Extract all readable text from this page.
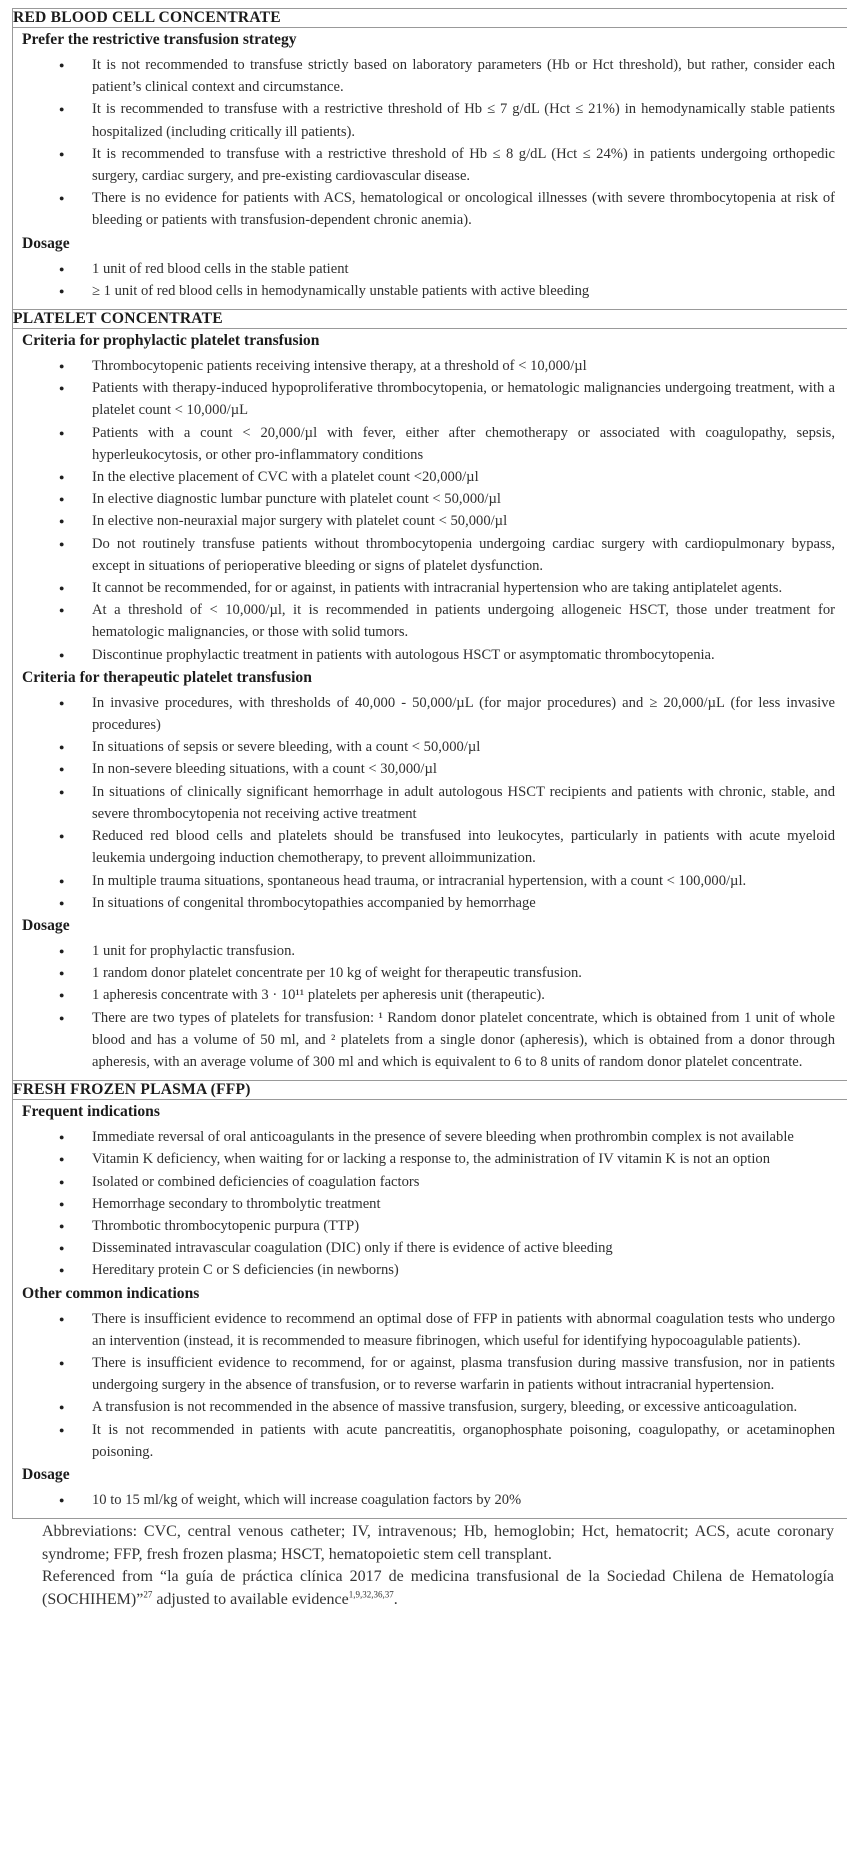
RED BLOOD CELL CONCENTRATE

Prefer the restrictive transfusion strategy
● It is not recommended to transfuse strictly based on laboratory parameters (Hb or Hct threshold), but rather, consider each patient’s clinical context and circumstance.
● It is recommended to transfuse with a restrictive threshold of Hb ≤ 7 g/dL (Hct ≤ 21%) in hemodynamically stable patients hospitalized (including critically ill patients).
● It is recommended to transfuse with a restrictive threshold of Hb ≤ 8 g/dL (Hct ≤ 24%) in patients undergoing orthopedic surgery, cardiac surgery, and pre-existing cardiovascular disease.
● There is no evidence for patients with ACS, hematological or oncological illnesses (with severe thrombocytopenia at risk of bleeding or patients with transfusion-dependent chronic anemia).
Dosage
● 1 unit of red blood cells in the stable patient
● ≥ 1 unit of red blood cells in hemodynamically unstable patients with active bleeding

PLATELET CONCENTRATE

Criteria for prophylactic platelet transfusion
● Thrombocytopenic patients receiving intensive therapy, at a threshold of < 10,000/µl
● Patients with therapy-induced hypoproliferative thrombocytopenia, or hematologic malignancies undergoing treatment, with a platelet count < 10,000/µL
● Patients with a count < 20,000/µl with fever, either after chemotherapy or associated with coagulopathy, sepsis, hyperleukocytosis, or other pro-inflammatory conditions
● In the elective placement of CVC with a platelet count <20,000/µl
● In elective diagnostic lumbar puncture with platelet count < 50,000/µl
● In elective non-neuraxial major surgery with platelet count < 50,000/µl
● Do not routinely transfuse patients without thrombocytopenia undergoing cardiac surgery with cardiopulmonary bypass, except in situations of perioperative bleeding or signs of platelet dysfunction.
● It cannot be recommended, for or against, in patients with intracranial hypertension who are taking antiplatelet agents.
● At a threshold of < 10,000/µl, it is recommended in patients undergoing allogeneic HSCT, those under treatment for hematologic malignancies, or those with solid tumors.
● Discontinue prophylactic treatment in patients with autologous HSCT or asymptomatic thrombocytopenia.
Criteria for therapeutic platelet transfusion
● In invasive procedures, with thresholds of 40,000 - 50,000/µL (for major procedures) and ≥ 20,000/µL (for less invasive procedures)
● In situations of sepsis or severe bleeding, with a count < 50,000/µl
● In non-severe bleeding situations, with a count < 30,000/µl
● In situations of clinically significant hemorrhage in adult autologous HSCT recipients and patients with chronic, stable, and severe thrombocytopenia not receiving active treatment
● Reduced red blood cells and platelets should be transfused into leukocytes, particularly in patients with acute myeloid leukemia undergoing induction chemotherapy, to prevent alloimmunization.
● In multiple trauma situations, spontaneous head trauma, or intracranial hypertension, with a count < 100,000/µl.
● In situations of congenital thrombocytopathies accompanied by hemorrhage
Dosage
● 1 unit for prophylactic transfusion.
● 1 random donor platelet concentrate per 10 kg of weight for therapeutic transfusion.
● 1 apheresis concentrate with 3 · 10¹¹ platelets per apheresis unit (therapeutic).
● There are two types of platelets for transfusion: ¹ Random donor platelet concentrate, which is obtained from 1 unit of whole blood and has a volume of 50 ml, and ² platelets from a single donor (apheresis), which is obtained from a donor through apheresis, with an average volume of 300 ml and which is equivalent to 6 to 8 units of random donor platelet concentrate.

FRESH FROZEN PLASMA (FFP)

Frequent indications
● Immediate reversal of oral anticoagulants in the presence of severe bleeding when prothrombin complex is not available
● Vitamin K deficiency, when waiting for or lacking a response to, the administration of IV vitamin K is not an option
● Isolated or combined deficiencies of coagulation factors
● Hemorrhage secondary to thrombolytic treatment
● Thrombotic thrombocytopenic purpura (TTP)
● Disseminated intravascular coagulation (DIC) only if there is evidence of active bleeding
● Hereditary protein C or S deficiencies (in newborns)
Other common indications
● There is insufficient evidence to recommend an optimal dose of FFP in patients with abnormal coagulation tests who undergo an intervention (instead, it is recommended to measure fibrinogen, which useful for identifying hypocoagulable patients).
● There is insufficient evidence to recommend, for or against, plasma transfusion during massive transfusion, nor in patients undergoing surgery in the absence of transfusion, or to reverse warfarin in patients without intracranial hypertension.
● A transfusion is not recommended in the absence of massive transfusion, surgery, bleeding, or excessive anticoagulation.
● It is not recommended in patients with acute pancreatitis, organophosphate poisoning, coagulopathy, or acetaminophen poisoning.
Dosage
● 10 to 15 ml/kg of weight, which will increase coagulation factors by 20%

Abbreviations: CVC, central venous catheter; IV, intravenous; Hb, hemoglobin; Hct, hematocrit; ACS, acute coronary syndrome; FFP, fresh frozen plasma; HSCT, hematopoietic stem cell transplant.

Referenced from “la guía de práctica clínica 2017 de medicina transfusional de la Sociedad Chilena de Hematología (SOCHIHEM)”$^{27}$ adjusted to available evidence$^{1,9,32,36,37}$.
